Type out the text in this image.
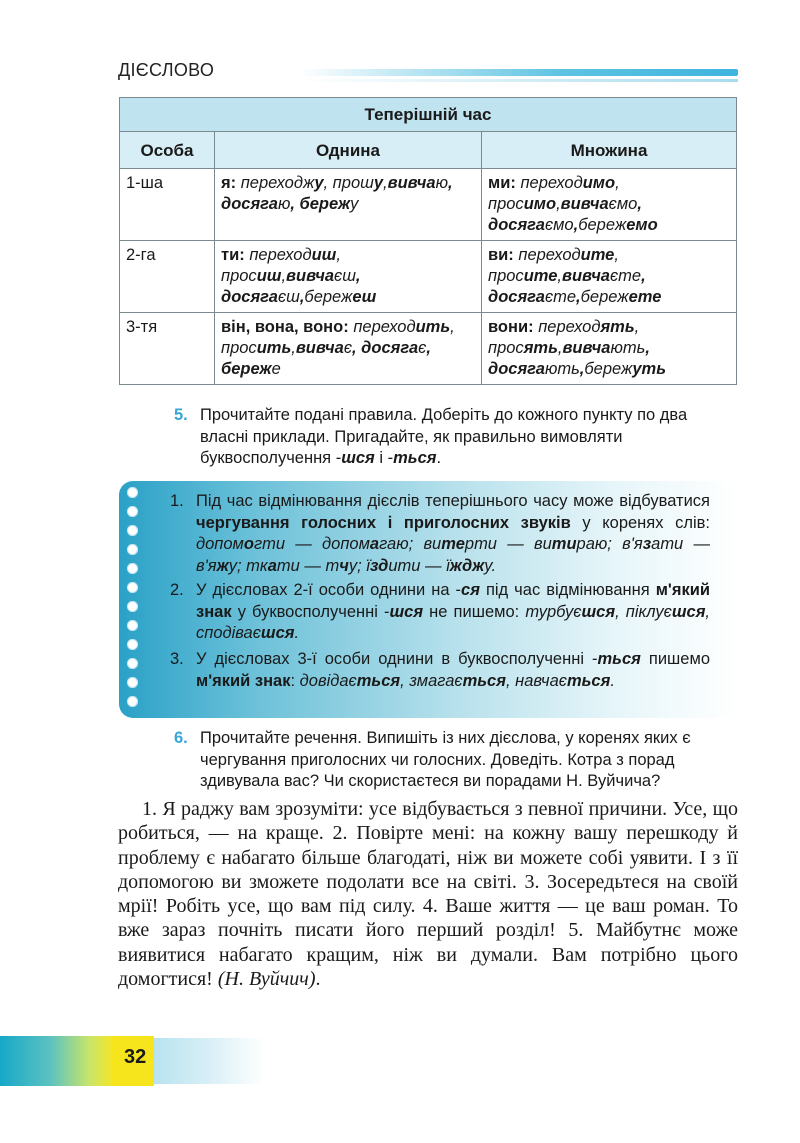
ДІЄСЛОВО
Теперішній час		
Особа	Однина	Множина
1-ша	я: переходжу, прошу,вивчаю, досягаю, бережу	ми: переходимо, просимо,вивчаємо, досягаємо,бережемо
2-га	ти: переходиш, просиш,вивчаєш, досягаєш,бережеш	ви: переходите, просите,вивчаєте, досягаєте,бережете
3-тя	він, вона, воно: переходить, просить,вивчає, досягає, береже	вони: переходять, просять,вивчають, досягають,бережуть
5. Прочитайте подані правила. Доберіть до кожного пункту по два власні приклади. Пригадайте, як правильно вимовляти буквосполучення -шся і -ться.
1. Під час відмінювання дієслів теперішнього часу може відбуватися чергування голосних і приголосних звуків у коренях слів: допомогти — допомагаю; витерти — витираю; в'язати — в'яжу; ткати — тчу; їздити — їжджу.
2. У дієсловах 2-ї особи однини на -ся під час відмінювання м'який знак у буквосполученні -шся не пишемо: турбуєшся, піклуєшся, сподіваєшся.
3. У дієсловах 3-ї особи однини в буквосполученні -ться пишемо м'який знак: довідається, змагається, навчається.
6. Прочитайте речення. Випишіть із них дієслова, у коренях яких є чергування приголосних чи голосних. Доведіть. Котра з порад здивувала вас? Чи скористаєтеся ви порадами Н. Вуйчича?

1. Я раджу вам зрозуміти: усе відбувається з певної причини. Усе, що робиться, — на краще. 2. Повірте мені: на кожну вашу перешкоду й проблему є набагато більше благодаті, ніж ви можете собі уявити. І з її допомогою ви зможете подолати все на світі. 3. Зосередьтеся на своїй мрії! Робіть усе, що вам під силу. 4. Ваше життя — це ваш роман. То вже зараз почніть писати його перший розділ! 5. Майбутнє може виявитися набагато кращим, ніж ви думали. Вам потрібно цього домогтися! (Н. Вуйчич).

32
